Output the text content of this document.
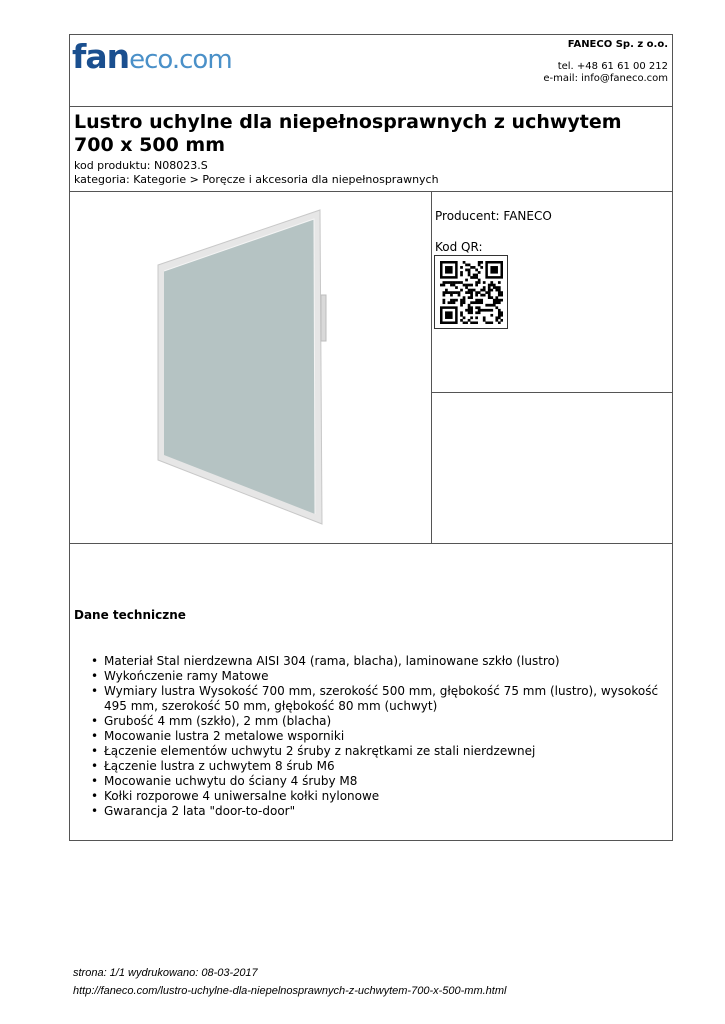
faneco.com
FANECO Sp. z o.o.
tel. +48 61 61 00 212
e-mail: info@faneco.com
Lustro uchylne dla niepełnosprawnych z uchwytem 700 x 500 mm
kod produktu: N08023.S
kategoria: Kategorie > Poręcze i akcesoria dla niepełnosprawnych
Producent: FANECO
Kod QR:
Dane techniczne
• Materiał Stal nierdzewna AISI 304 (rama, blacha), laminowane szkło (lustro)
• Wykończenie ramy Matowe
• Wymiary lustra Wysokość 700 mm, szerokość 500 mm, głębokość 75 mm (lustro), wysokość 495 mm, szerokość 50 mm, głębokość 80 mm (uchwyt)
• Grubość 4 mm (szkło), 2 mm (blacha)
• Mocowanie lustra 2 metalowe wsporniki
• Łączenie elementów uchwytu 2 śruby z nakrętkami ze stali nierdzewnej
• Łączenie lustra z uchwytem 8 śrub M6
• Mocowanie uchwytu do ściany 4 śruby M8
• Kołki rozporowe 4 uniwersalne kołki nylonowe
• Gwarancja 2 lata "door-to-door"
strona: 1/1 wydrukowano: 08-03-2017
http://faneco.com/lustro-uchylne-dla-niepelnosprawnych-z-uchwytem-700-x-500-mm.html
